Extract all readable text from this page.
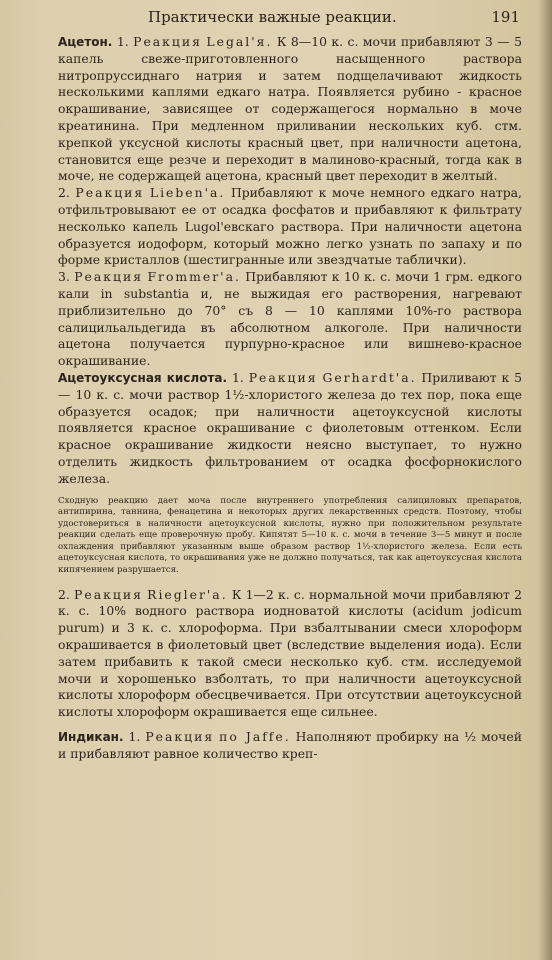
Практически важные реакции.	191

Ацетон. 1. Реакция Legal'я. К 8—10 к. с. мочи прибавляют 3 — 5 капель свеже-приготовленного насыщенного раствора нитропруссиднаго натрия и затем подщелачивают жидкость несколькими каплями едкаго натра. Появляется рубино - красное окрашивание, зависящее от содержащегося нормально в моче креатинина. При медленном приливании нескольких куб. стм. крепкой уксусной кислоты красный цвет, при наличности ацетона, становится еще резче и переходит в малиново-красный, тогда как в моче, не содержащей ацетона, красный цвет переходит в желтый.

2. Реакция Lieben'а. Прибавляют к моче немного едкаго натра, отфильтровывают ее от осадка фосфатов и прибавляют к фильтрату несколько капель Lugol'евскаго раствора. При наличности ацетона образуется иодоформ, который можно легко узнать по запаху и по форме кристаллов (шестигранные или звездчатые таблички).

3. Реакция Frommer'а. Прибавляют к 10 к. с. мочи 1 грм. едкого кали in substantia и, не выжидая его растворения, нагревают приблизительно до 70° съ 8 — 10 каплями 10%-го раствора салицильальдегида въ абсолютном алкоголе. При наличности ацетона получается пурпурно-красное или вишнево-красное окрашивание.

Ацетоуксусная кислота. 1. Реакция Gerhardt'а. Приливают к 5 — 10 к. с. мочи раствор 1½-хлористого железа до тех пор, пока еще образуется осадок; при наличности ацетоуксусной кислоты появляется красное окрашивание с фиолетовым оттенком. Если красное окрашивание жидкости неясно выступает, то нужно отделить жидкость фильтрованием от осадка фосфорнокислого железа.

Сходную реакцию дает моча после внутреннего употребления салициловых препаратов, антипирина, таннина, фенацетина и некоторых других лекарственных средств. Поэтому, чтобы удостовериться в наличности ацетоуксусной кислоты, нужно при положительном результате реакции сделать еще проверочную пробу. Кипятят 5—10 к. с. мочи в течение 3—5 минут и после охлаждения прибавляют указанным выше образом раствор 1½-хлористого железа. Если есть ацетоуксусная кислота, то окрашивания уже не должно получаться, так как ацетоуксусная кислота кипячением разрушается.

2. Реакция Riegler'а. К 1—2 к. с. нормальной мочи прибавляют 2 к. с. 10% водного раствора иодноватой кислоты (acidum jodicum purum) и 3 к. с. хлороформа. При взбалтывании смеси хлороформ окрашивается в фиолетовый цвет (вследствие выделения иода). Если затем прибавить к такой смеси несколько куб. стм. исследуемой мочи и хорошенько взболтать, то при наличности ацетоуксусной кислоты хлороформ обесцвечивается. При отсутствии ацетоуксусной кислоты хлороформ окрашивается еще сильнее.

Индикан. 1. Реакция по Jaffe. Наполняют пробирку на ½ мочей и прибавляют равное количество креп-
